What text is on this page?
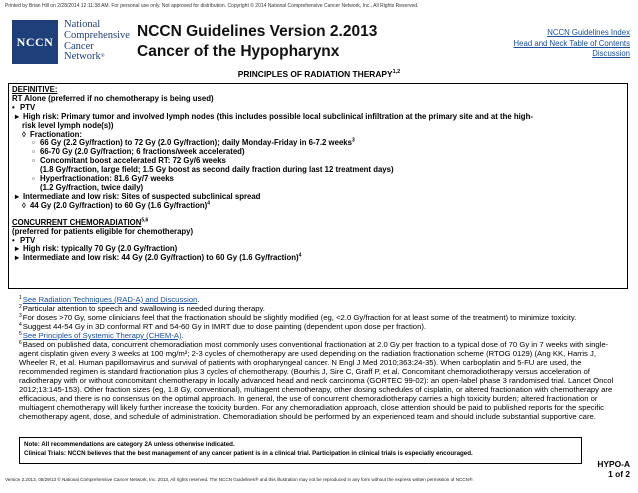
Printed by Brian Hill on 2/28/2014 12:11:38 AM. For personal use only. Not approved for distribution. Copyright © 2014 National Comprehensive Cancer Network, Inc., All Rights Reserved.
NCCN
National
Comprehensive
Cancer
Network®
NCCN Guidelines Version 2.2013
Cancer of the Hypopharynx
NCCN Guidelines Index
Head and Neck Table of Contents
Discussion
PRINCIPLES OF RADIATION THERAPY$^{1,2}$
DEFINITIVE:
RT Alone (preferred if no chemotherapy is being used)
• PTV
▸ High risk: Primary tumor and involved lymph nodes (this includes possible local subclinical infiltration at the primary site and at the high-
risk level lymph node(s))
◊ Fractionation:
▫ 66 Gy (2.2 Gy/fraction) to 72 Gy (2.0 Gy/fraction); daily Monday-Friday in 6-7.2 weeks$^3$
▫ 66-70 Gy (2.0 Gy/fraction; 6 fractions/week accelerated)
▫ Concomitant boost accelerated RT: 72 Gy/6 weeks
(1.8 Gy/fraction, large field; 1.5 Gy boost as second daily fraction during last 12 treatment days)
▫ Hyperfractionation: 81.6 Gy/7 weeks
(1.2 Gy/fraction, twice daily)
▸ Intermediate and low risk: Sites of suspected subclinical spread
◊ 44 Gy (2.0 Gy/fraction) to 60 Gy (1.6 Gy/fraction)$^4$
CONCURRENT CHEMORADIATION$^{5,6}$
(preferred for patients eligible for chemotherapy)
• PTV
▸ High risk: typically 70 Gy (2.0 Gy/fraction)
▸ Intermediate and low risk: 44 Gy (2.0 Gy/fraction) to 60 Gy (1.6 Gy/fraction)$^4$
$^1$See Radiation Techniques (RAD-A) and Discussion.
$^2$Particular attention to speech and swallowing is needed during therapy.
$^3$For doses >70 Gy, some clinicians feel that the fractionation should be slightly modified (eg, <2.0 Gy/fraction for at least some of the treatment) to minimize toxicity.
$^4$Suggest 44-54 Gy in 3D conformal RT and 54-60 Gy in IMRT due to dose painting (dependent upon dose per fraction).
$^5$See Principles of Systemic Therapy (CHEM-A).
$^6$Based on published data, concurrent chemoradiation most commonly uses conventional fractionation at 2.0 Gy per fraction to a typical dose of 70 Gy in 7 weeks with single-agent cisplatin given every 3 weeks at 100 mg/m²; 2-3 cycles of chemotherapy are used depending on the radiation fractionation scheme (RTOG 0129) (Ang KK, Harris J, Wheeler R, et al. Human papillomavirus and survival of patients with oropharyngeal cancer. N Engl J Med 2010;363:24-35). When carboplatin and 5-FU are used, the recommended regimen is standard fractionation plus 3 cycles of chemotherapy. (Bourhis J, Sire C, Graff P, et al. Concomitant chemoradiotherapy versus acceleration of radiotherapy with or without concomitant chemotherapy in locally advanced head and neck carcinoma (GORTEC 99-02): an open-label phase 3 randomised trial. Lancet Oncol 2012;13:145-153). Other fraction sizes (eg, 1.8 Gy, conventional), multiagent chemotherapy, other dosing schedules of cisplatin, or altered fractionation with chemotherapy are efficacious, and there is no consensus on the optimal approach. In general, the use of concurrent chemoradiotherapy carries a high toxicity burden; altered fractionation or multiagent chemotherapy will likely further increase the toxicity burden. For any chemoradiation approach, close attention should be paid to published reports for the specific chemotherapy agent, dose, and schedule of administration. Chemoradiation should be performed by an experienced team and should include substantial supportive care.
Note: All recommendations are category 2A unless otherwise indicated.
Clinical Trials: NCCN believes that the best management of any cancer patient is in a clinical trial. Participation in clinical trials is especially encouraged.
HYPO-A
1 of 2
Version 2.2013, 05/29/13 © National Comprehensive Cancer Network, Inc. 2013, All rights reserved. The NCCN Guidelines® and this illustration may not be reproduced in any form without the express written permission of NCCN®.
